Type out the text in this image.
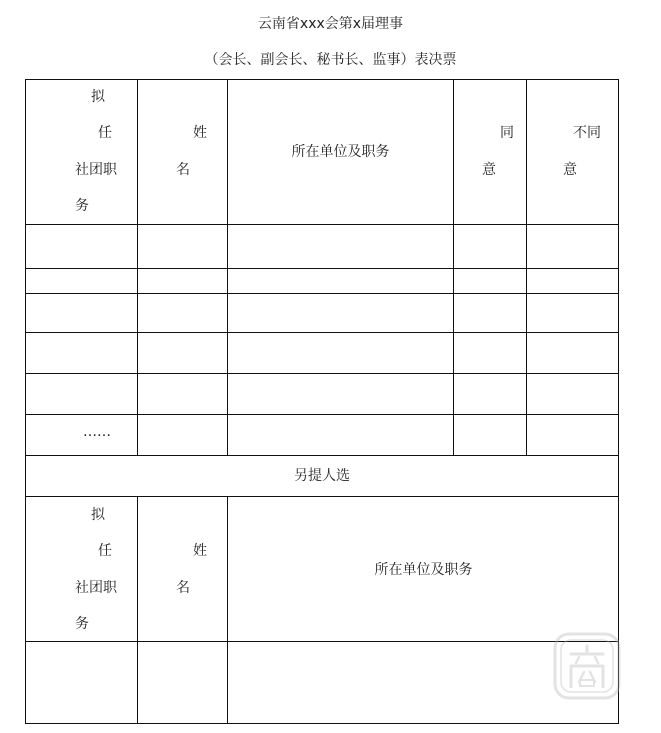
云南省xxx会第x届理事
（会长、副会长、秘书长、监事）表决票
拟
任
社团职
务
姓
名
所在单位及职务
同
意
不同
意
……
另提人选
拟
任
社团职
务
姓
名
所在单位及职务
